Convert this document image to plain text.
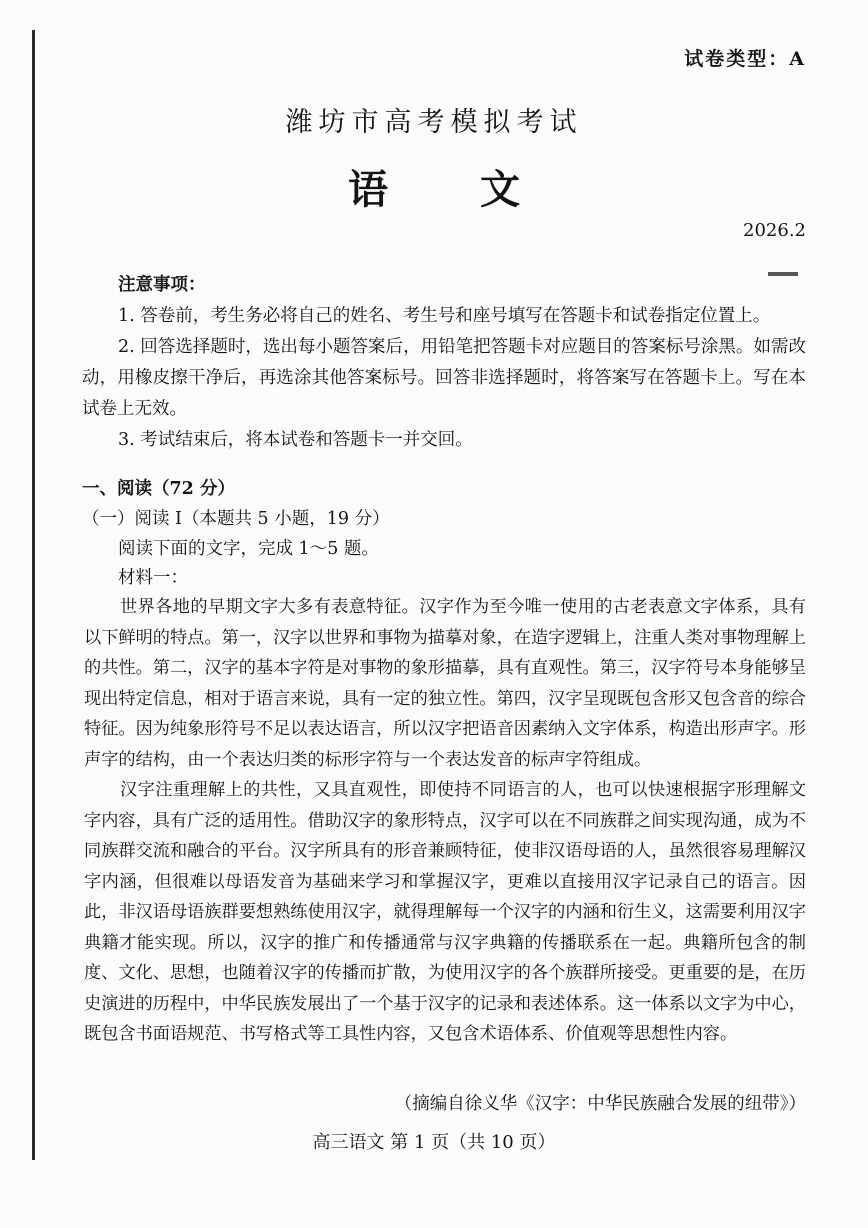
试卷类型：A
潍坊市高考模拟考试
语文
2026.2
注意事项：
1. 答卷前，考生务必将自己的姓名、考生号和座号填写在答题卡和试卷指定位置上。
2. 回答选择题时，选出每小题答案后，用铅笔把答题卡对应题目的答案标号涂黑。如需改动，用橡皮擦干净后，再选涂其他答案标号。回答非选择题时，将答案写在答题卡上。写在本试卷上无效。
3. 考试结束后，将本试卷和答题卡一并交回。
一、阅读（72 分）
（一）阅读 I（本题共 5 小题，19 分）
阅读下面的文字，完成 1～5 题。
材料一：

世界各地的早期文字大多有表意特征。汉字作为至今唯一使用的古老表意文字体系，具有以下鲜明的特点。第一，汉字以世界和事物为描摹对象，在造字逻辑上，注重人类对事物理解上的共性。第二，汉字的基本字符是对事物的象形描摹，具有直观性。第三，汉字符号本身能够呈现出特定信息，相对于语言来说，具有一定的独立性。第四，汉字呈现既包含形又包含音的综合特征。因为纯象形符号不足以表达语言，所以汉字把语音因素纳入文字体系，构造出形声字。形声字的结构，由一个表达归类的标形字符与一个表达发音的标声字符组成。

汉字注重理解上的共性，又具直观性，即使持不同语言的人，也可以快速根据字形理解文字内容，具有广泛的适用性。借助汉字的象形特点，汉字可以在不同族群之间实现沟通，成为不同族群交流和融合的平台。汉字所具有的形音兼顾特征，使非汉语母语的人，虽然很容易理解汉字内涵，但很难以母语发音为基础来学习和掌握汉字，更难以直接用汉字记录自己的语言。因此，非汉语母语族群要想熟练使用汉字，就得理解每一个汉字的内涵和衍生义，这需要利用汉字典籍才能实现。所以，汉字的推广和传播通常与汉字典籍的传播联系在一起。典籍所包含的制度、文化、思想，也随着汉字的传播而扩散，为使用汉字的各个族群所接受。更重要的是，在历史演进的历程中，中华民族发展出了一个基于汉字的记录和表述体系。这一体系以文字为中心，既包含书面语规范、书写格式等工具性内容，又包含术语体系、价值观等思想性内容。

（摘编自徐义华《汉字：中华民族融合发展的纽带》）
高三语文 第 1 页（共 10 页）
